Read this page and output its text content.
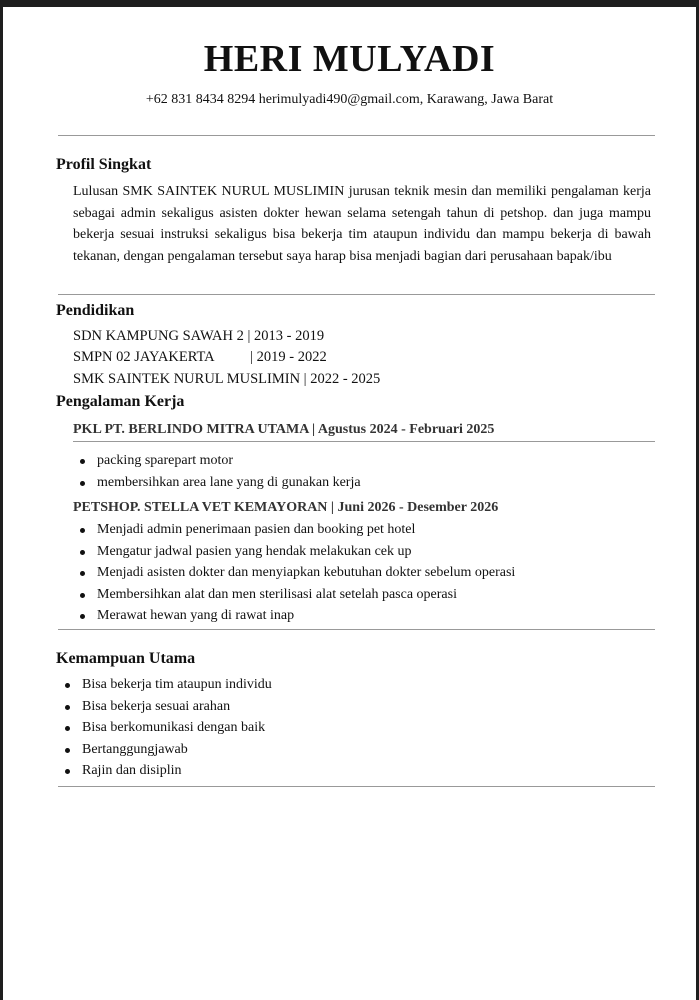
HERI MULYADI
+62 831 8434 8294 herimulyadi490@gmail.com, Karawang, Jawa Barat
Profil Singkat
Lulusan SMK SAINTEK NURUL MUSLIMIN jurusan teknik mesin dan memiliki pengalaman kerja sebagai admin sekaligus asisten dokter hewan selama setengah tahun di petshop. dan juga mampu bekerja sesuai instruksi sekaligus bisa bekerja tim ataupun individu dan mampu bekerja di bawah tekanan, dengan pengalaman tersebut saya harap bisa menjadi bagian dari perusahaan bapak/ibu
Pendidikan
SDN KAMPUNG SAWAH 2 | 2013 - 2019
SMPN 02 JAYAKERTA          | 2019 - 2022
SMK SAINTEK NURUL MUSLIMIN | 2022 - 2025
Pengalaman Kerja
PKL PT. BERLINDO MITRA UTAMA | Agustus 2024 - Februari 2025
packing sparepart motor
membersihkan area lane yang di gunakan kerja
PETSHOP. STELLA VET KEMAYORAN | Juni 2026 - Desember 2026
Menjadi admin penerimaan pasien dan booking pet hotel
Mengatur jadwal pasien yang hendak melakukan cek up
Menjadi asisten dokter dan menyiapkan kebutuhan dokter sebelum operasi
Membersihkan alat dan men sterilisasi alat setelah pasca operasi
Merawat hewan yang di rawat inap
Kemampuan Utama
Bisa bekerja tim ataupun individu
Bisa bekerja sesuai arahan
Bisa berkomunikasi dengan baik
Bertanggungjawab
Rajin dan disiplin
